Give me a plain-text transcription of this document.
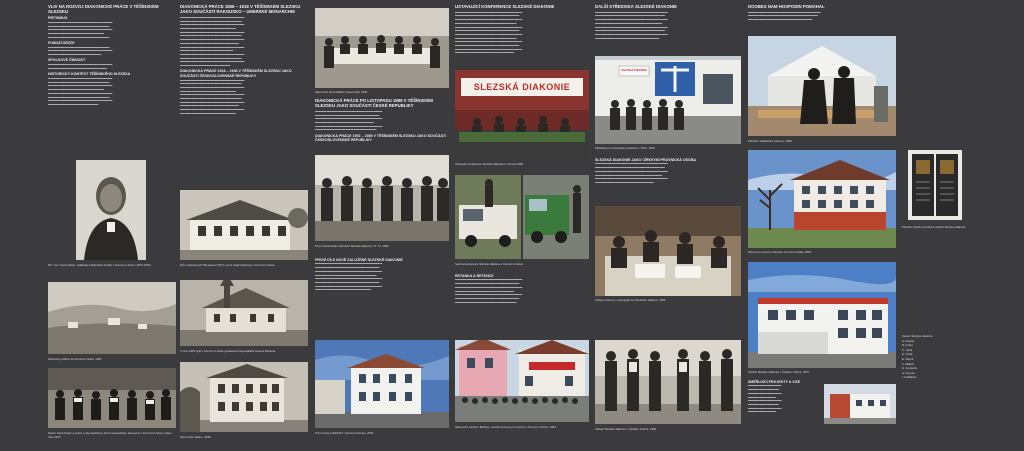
VLIV NA ROZVOJ DIAKONICKÉ PRÁCE V TĚŠÍNSKÉM SLEZSKU

PIETISMUS

▬▬▬▬▬▬▬▬▬▬▬▬▬▬▬▬▬▬▬▬▬▬▬
▬▬▬▬▬▬▬▬▬▬▬▬▬▬▬▬▬▬▬▬▬▬
▬▬▬▬▬▬▬▬▬▬▬▬▬▬▬▬▬▬▬▬▬▬▬
▬▬▬▬▬▬▬▬▬▬▬▬▬▬▬▬▬▬▬▬
▬▬▬▬▬▬▬▬▬▬▬▬▬▬▬▬▬▬▬▬▬▬

FUNDATORZZE

▬▬▬▬▬▬▬▬▬▬▬▬▬▬▬▬▬▬▬▬▬▬
▬▬▬▬▬▬▬▬▬▬▬▬▬▬▬▬▬▬▬▬▬▬▬
▬▬▬▬▬▬▬▬▬▬▬▬▬▬▬▬▬▬▬

SPOLKOVÉ ČINNOST

▬▬▬▬▬▬▬▬▬▬▬▬▬▬▬▬▬▬▬▬▬▬▬
▬▬▬▬▬▬▬▬▬▬▬▬▬▬▬▬▬▬▬▬▬

HISTORICKÝ KONTEXT TĚŠÍNSKÉHO SLEZSKA

▬▬▬▬▬▬▬▬▬▬▬▬▬▬▬▬▬▬▬▬▬▬▬
▬▬▬▬▬▬▬▬▬▬▬▬▬▬▬▬▬▬▬▬▬▬
▬▬▬▬▬▬▬▬▬▬▬▬▬▬▬▬▬▬▬▬▬▬▬
▬▬▬▬▬▬▬▬▬▬▬▬▬▬▬▬▬▬▬▬
▬▬▬▬▬▬▬▬▬▬▬▬▬▬▬▬▬▬▬▬▬▬▬
▬▬▬▬▬▬▬▬▬▬▬▬▬▬▬▬▬▬▬▬▬▬
▬▬▬▬▬▬▬▬▬▬▬▬▬▬▬▬▬▬▬▬▬▬▬
▬▬▬▬▬▬▬▬▬▬▬▬▬▬▬▬▬▬

Mic. Son. Karol Kulisz, zakladatel diakonické služby v Komorní Lhotce (1873-1940)

Historický pohled na Komorní Lhotku, 1903

Pastor Karol Kulisz a sestry s obyvatelstvem před evangelickým domovem v Komorní Lhotce, kolem roku 1910

DIAKONICKÁ PRÁCE 1856 – 1918 V TĚŠÍNSKÉM SLEZSKU JAKO SOUČÁSTI RAKOUSKO – UHERSKÉ MONARCHIE

▬▬▬▬▬▬▬▬▬▬▬▬▬▬▬▬▬▬▬▬▬▬▬
▬▬▬▬▬▬▬▬▬▬▬▬▬▬▬▬▬▬▬▬▬▬
▬▬▬▬▬▬▬▬▬▬▬▬▬▬▬▬▬▬▬▬▬▬▬
▬▬▬▬▬▬▬▬▬▬▬▬▬▬▬▬▬▬▬▬
▬▬▬▬▬▬▬▬▬▬▬▬▬▬▬▬▬▬▬▬▬▬▬
▬▬▬▬▬▬▬▬▬▬▬▬▬▬▬▬▬▬▬▬▬▬
▬▬▬▬▬▬▬▬▬▬▬▬▬▬▬▬▬▬▬▬▬▬▬
▬▬▬▬▬▬▬▬▬▬▬▬▬▬▬▬▬▬▬▬▬
▬▬▬▬▬▬▬▬▬▬▬▬▬▬▬▬▬▬▬▬▬▬▬
▬▬▬▬▬▬▬▬▬▬▬▬▬▬▬▬▬▬▬
▬▬▬▬▬▬▬▬▬▬▬▬▬▬▬▬▬▬▬▬▬▬▬
▬▬▬▬▬▬▬▬▬▬▬▬▬▬▬▬▬▬▬▬▬▬
▬▬▬▬▬▬▬▬▬▬▬▬▬▬▬▬▬▬▬▬▬▬▬
▬▬▬▬▬▬▬▬▬▬▬▬▬▬▬▬▬▬

DIAKONICKÁ PRÁCE 1918 – 1938 V TĚŠÍNSKÉM SLEZSKU JAKO SOUČÁSTI ČESKOSLOVENSKÉ REPUBLIKY

▬▬▬▬▬▬▬▬▬▬▬▬▬▬▬▬▬▬▬▬▬▬▬
▬▬▬▬▬▬▬▬▬▬▬▬▬▬▬▬▬▬▬▬▬▬
▬▬▬▬▬▬▬▬▬▬▬▬▬▬▬▬▬▬▬▬▬▬▬
▬▬▬▬▬▬▬▬▬▬▬▬▬▬▬▬▬▬▬▬
▬▬▬▬▬▬▬▬▬▬▬▬▬▬▬▬▬▬▬▬▬▬▬
▬▬▬▬▬▬▬▬▬▬▬▬▬▬▬▬▬▬▬▬▬▬
▬▬▬▬▬▬▬▬▬▬▬▬▬▬▬▬▬▬▬▬▬▬▬
▬▬▬▬▬▬▬▬▬▬▬▬▬▬▬▬▬▬▬▬▬
▬▬▬▬▬▬▬▬▬▬▬▬▬▬▬▬▬▬▬▬▬▬▬
▬▬▬▬▬▬▬▬▬▬▬▬▬▬▬▬▬▬▬▬

Dům připravených (Betesda) (1877), první objekt Diakonie v Komorní Lhotce

V roce 1929 byla v Komorní Lhotce postavena hospodářská budova Betesda

Nemocnice Salem, 1938

Slavnostní shromáždění pracovníků, 1935

DIAKONICKÁ PRÁCE PO LISTOPADU 1989 V TĚŠÍNSKÉM SLEZSKU JAKO SOUČÁSTI ČESKÉ REPUBLIKY

▬▬▬▬▬▬▬▬▬▬▬▬▬▬▬▬▬▬▬▬▬▬▬▬
▬▬▬▬▬▬▬▬▬▬▬▬▬▬▬▬▬▬▬▬▬▬▬
▬▬▬▬▬▬▬▬▬▬▬▬▬▬▬▬▬▬▬▬▬▬▬▬
▬▬▬▬▬▬▬▬▬▬▬▬▬▬▬▬▬▬▬▬▬
▬▬▬▬▬▬▬▬▬▬▬▬▬▬▬▬▬▬▬▬▬▬▬▬
▬▬▬▬▬▬▬▬▬▬▬▬▬▬▬▬▬▬▬▬▬▬

DIAKONICKÁ PRÁCE 1952 – 1989 V TĚŠÍNSKÉM SLEZSKU JAKO SOUČÁSTI ČESKOSLOVENSKÉ REPUBLIKY

První shromáždění sdružení Slezská diakonie, 27. 11. 1990

PRVNÍ CÍLE NOVĚ ZALOŽENÉ SLEZSKÉ DIAKONIE

▬▬▬▬▬▬▬▬▬▬▬▬▬▬▬▬▬▬▬▬▬▬▬▬
▬▬▬▬▬▬▬▬▬▬▬▬▬▬▬▬▬▬▬▬▬▬▬
▬▬▬▬▬▬▬▬▬▬▬▬▬▬▬▬▬▬▬▬▬▬▬▬
▬▬▬▬▬▬▬▬▬▬▬▬▬▬▬▬▬▬▬▬▬▬
▬▬▬▬▬▬▬▬▬▬▬▬▬▬▬▬▬▬▬▬▬▬▬▬
▬▬▬▬▬▬▬▬▬▬▬▬▬▬▬▬▬▬▬▬▬▬▬
▬▬▬▬▬▬▬▬▬▬▬▬▬▬▬▬▬▬▬▬▬▬▬▬
▬▬▬▬▬▬▬▬▬▬▬▬▬▬▬▬▬▬▬▬

První budova SDIAKO v Komorní Lhotce, 2003

USTAVUJÍCÍ KONFERENCE SLEZSKÉ DIAKONIE

▬▬▬▬▬▬▬▬▬▬▬▬▬▬▬▬▬▬▬▬▬▬▬▬
▬▬▬▬▬▬▬▬▬▬▬▬▬▬▬▬▬▬▬▬▬▬▬
▬▬▬▬▬▬▬▬▬▬▬▬▬▬▬▬▬▬▬▬▬▬▬▬
▬▬▬▬▬▬▬▬▬▬▬▬▬▬▬▬▬▬▬▬▬▬
▬▬▬▬▬▬▬▬▬▬▬▬▬▬▬▬▬▬▬▬▬▬▬▬
▬▬▬▬▬▬▬▬▬▬▬▬▬▬▬▬▬▬▬▬▬▬▬
▬▬▬▬▬▬▬▬▬▬▬▬▬▬▬▬▬▬▬▬▬▬▬▬
▬▬▬▬▬▬▬▬▬▬▬▬▬▬▬▬▬▬▬▬▬▬
▬▬▬▬▬▬▬▬▬▬▬▬▬▬▬▬▬▬▬▬▬▬▬▬
▬▬▬▬▬▬▬▬▬▬▬▬▬▬▬▬▬▬▬▬▬▬▬
▬▬▬▬▬▬▬▬▬▬▬▬▬▬▬▬▬▬▬▬▬▬▬▬
▬▬▬▬▬▬▬▬▬▬▬▬▬▬▬▬▬▬▬▬▬
SLEZSKÁ DIAKONIE

Ustavující konference Slezské diakonie 2. března 1990

Sedmá konference Slezské diakonie v Komorní Lhotce

RETANKA A RETENCE

▬▬▬▬▬▬▬▬▬▬▬▬▬▬▬▬▬▬▬▬▬▬▬▬
▬▬▬▬▬▬▬▬▬▬▬▬▬▬▬▬▬▬▬▬▬▬▬
▬▬▬▬▬▬▬▬▬▬▬▬▬▬▬▬▬▬▬▬▬▬▬▬
▬▬▬▬▬▬▬▬▬▬▬▬▬▬▬▬▬▬▬▬▬
▬▬▬▬▬▬▬▬▬▬▬▬▬▬▬▬▬▬▬▬▬▬▬▬
▬▬▬▬▬▬▬▬▬▬▬▬▬▬▬▬▬▬▬▬▬▬▬
▬▬▬▬▬▬▬▬▬▬▬▬▬▬▬▬▬▬▬▬▬▬

Slavnostní otevření Betanie, nového domova pro seniory v Komorní Lhotce, 1994

DALŠÍ STŘEDISKA SLEZSKÉ DIAKONIE

▬▬▬▬▬▬▬▬▬▬▬▬▬▬▬▬▬▬▬▬▬▬▬▬▬▬
▬▬▬▬▬▬▬▬▬▬▬▬▬▬▬▬▬▬▬▬▬▬▬▬▬
▬▬▬▬▬▬▬▬▬▬▬▬▬▬▬▬▬▬▬▬▬▬▬▬▬▬
▬▬▬▬▬▬▬▬▬▬▬▬▬▬▬▬▬▬▬▬▬▬▬▬
▬▬▬▬▬▬▬▬▬▬▬▬▬▬▬▬▬▬▬▬▬▬▬▬▬▬
▬▬▬▬▬▬▬▬▬▬▬▬▬▬▬▬▬▬▬▬▬▬▬▬▬
▬▬▬▬▬▬▬▬▬▬▬▬▬▬▬▬▬▬▬▬▬▬▬▬▬▬
▬▬▬▬▬▬▬▬▬▬▬▬▬▬▬▬▬▬▬▬▬▬▬
SLEZSKÁ DIAKONIE

Středisko pro zdravotně postižené v Třinci, 1992

SLEZSKÁ DIAKONIE JAKO CÍRKEVNÍ PRÁVNICKÁ OSOBA

▬▬▬▬▬▬▬▬▬▬▬▬▬▬▬▬▬▬▬▬▬▬▬▬▬▬
▬▬▬▬▬▬▬▬▬▬▬▬▬▬▬▬▬▬▬▬▬▬▬▬▬
▬▬▬▬▬▬▬▬▬▬▬▬▬▬▬▬▬▬▬▬▬▬▬▬▬▬
▬▬▬▬▬▬▬▬▬▬▬▬▬▬▬▬▬▬▬▬▬▬▬▬
▬▬▬▬▬▬▬▬▬▬▬▬▬▬▬▬▬▬▬▬▬▬▬▬▬▬
▬▬▬▬▬▬▬▬▬▬▬▬▬▬▬▬▬▬▬▬▬

Podpis smlouvy o spolupráci se Švédskou diakonií, 1993

Ústředí Slezské diakonie v Českém Těšíně, 1996

DOOBES NAM HOSPODIN POMÁHAL

▬▬▬▬▬▬▬▬▬▬▬▬▬▬▬▬▬▬▬▬▬▬▬▬▬▬
▬▬▬▬▬▬▬▬▬▬▬▬▬▬▬▬▬▬▬▬▬▬▬▬▬
▬▬▬▬▬▬▬▬▬▬▬▬▬▬▬▬▬▬▬▬▬▬▬

Položení základního kamene, 1999

Domov pro seniory Sarepta, Komorní Lhotka, 2004

Ústředí Slezské diakonie v Českém Těšíně, 2007

SMĚŘUJÍCÍ PROJEKTY A VIZE

▬▬▬▬▬▬▬▬▬▬▬▬
▬▬▬▬▬▬▬▬▬▬▬
▬▬▬▬▬▬▬▬▬▬▬▬
▬▬▬▬▬▬▬▬▬▬
▬▬▬▬▬▬▬▬▬▬▬▬
▬▬▬▬▬▬▬▬▬▬▬
▬▬▬▬▬▬▬▬▬▬▬▬
▬▬▬▬▬▬▬▬▬▬

Pamětní deska na budově ústředí Slezské diakonie

Vedení Slezské diakonie

A. Nowak

B. Kulisz

C. Janik

D. Polok

E. Sikora

F. Wałach

G. Konderla

H. Kocyan

I. Kadłubiec
